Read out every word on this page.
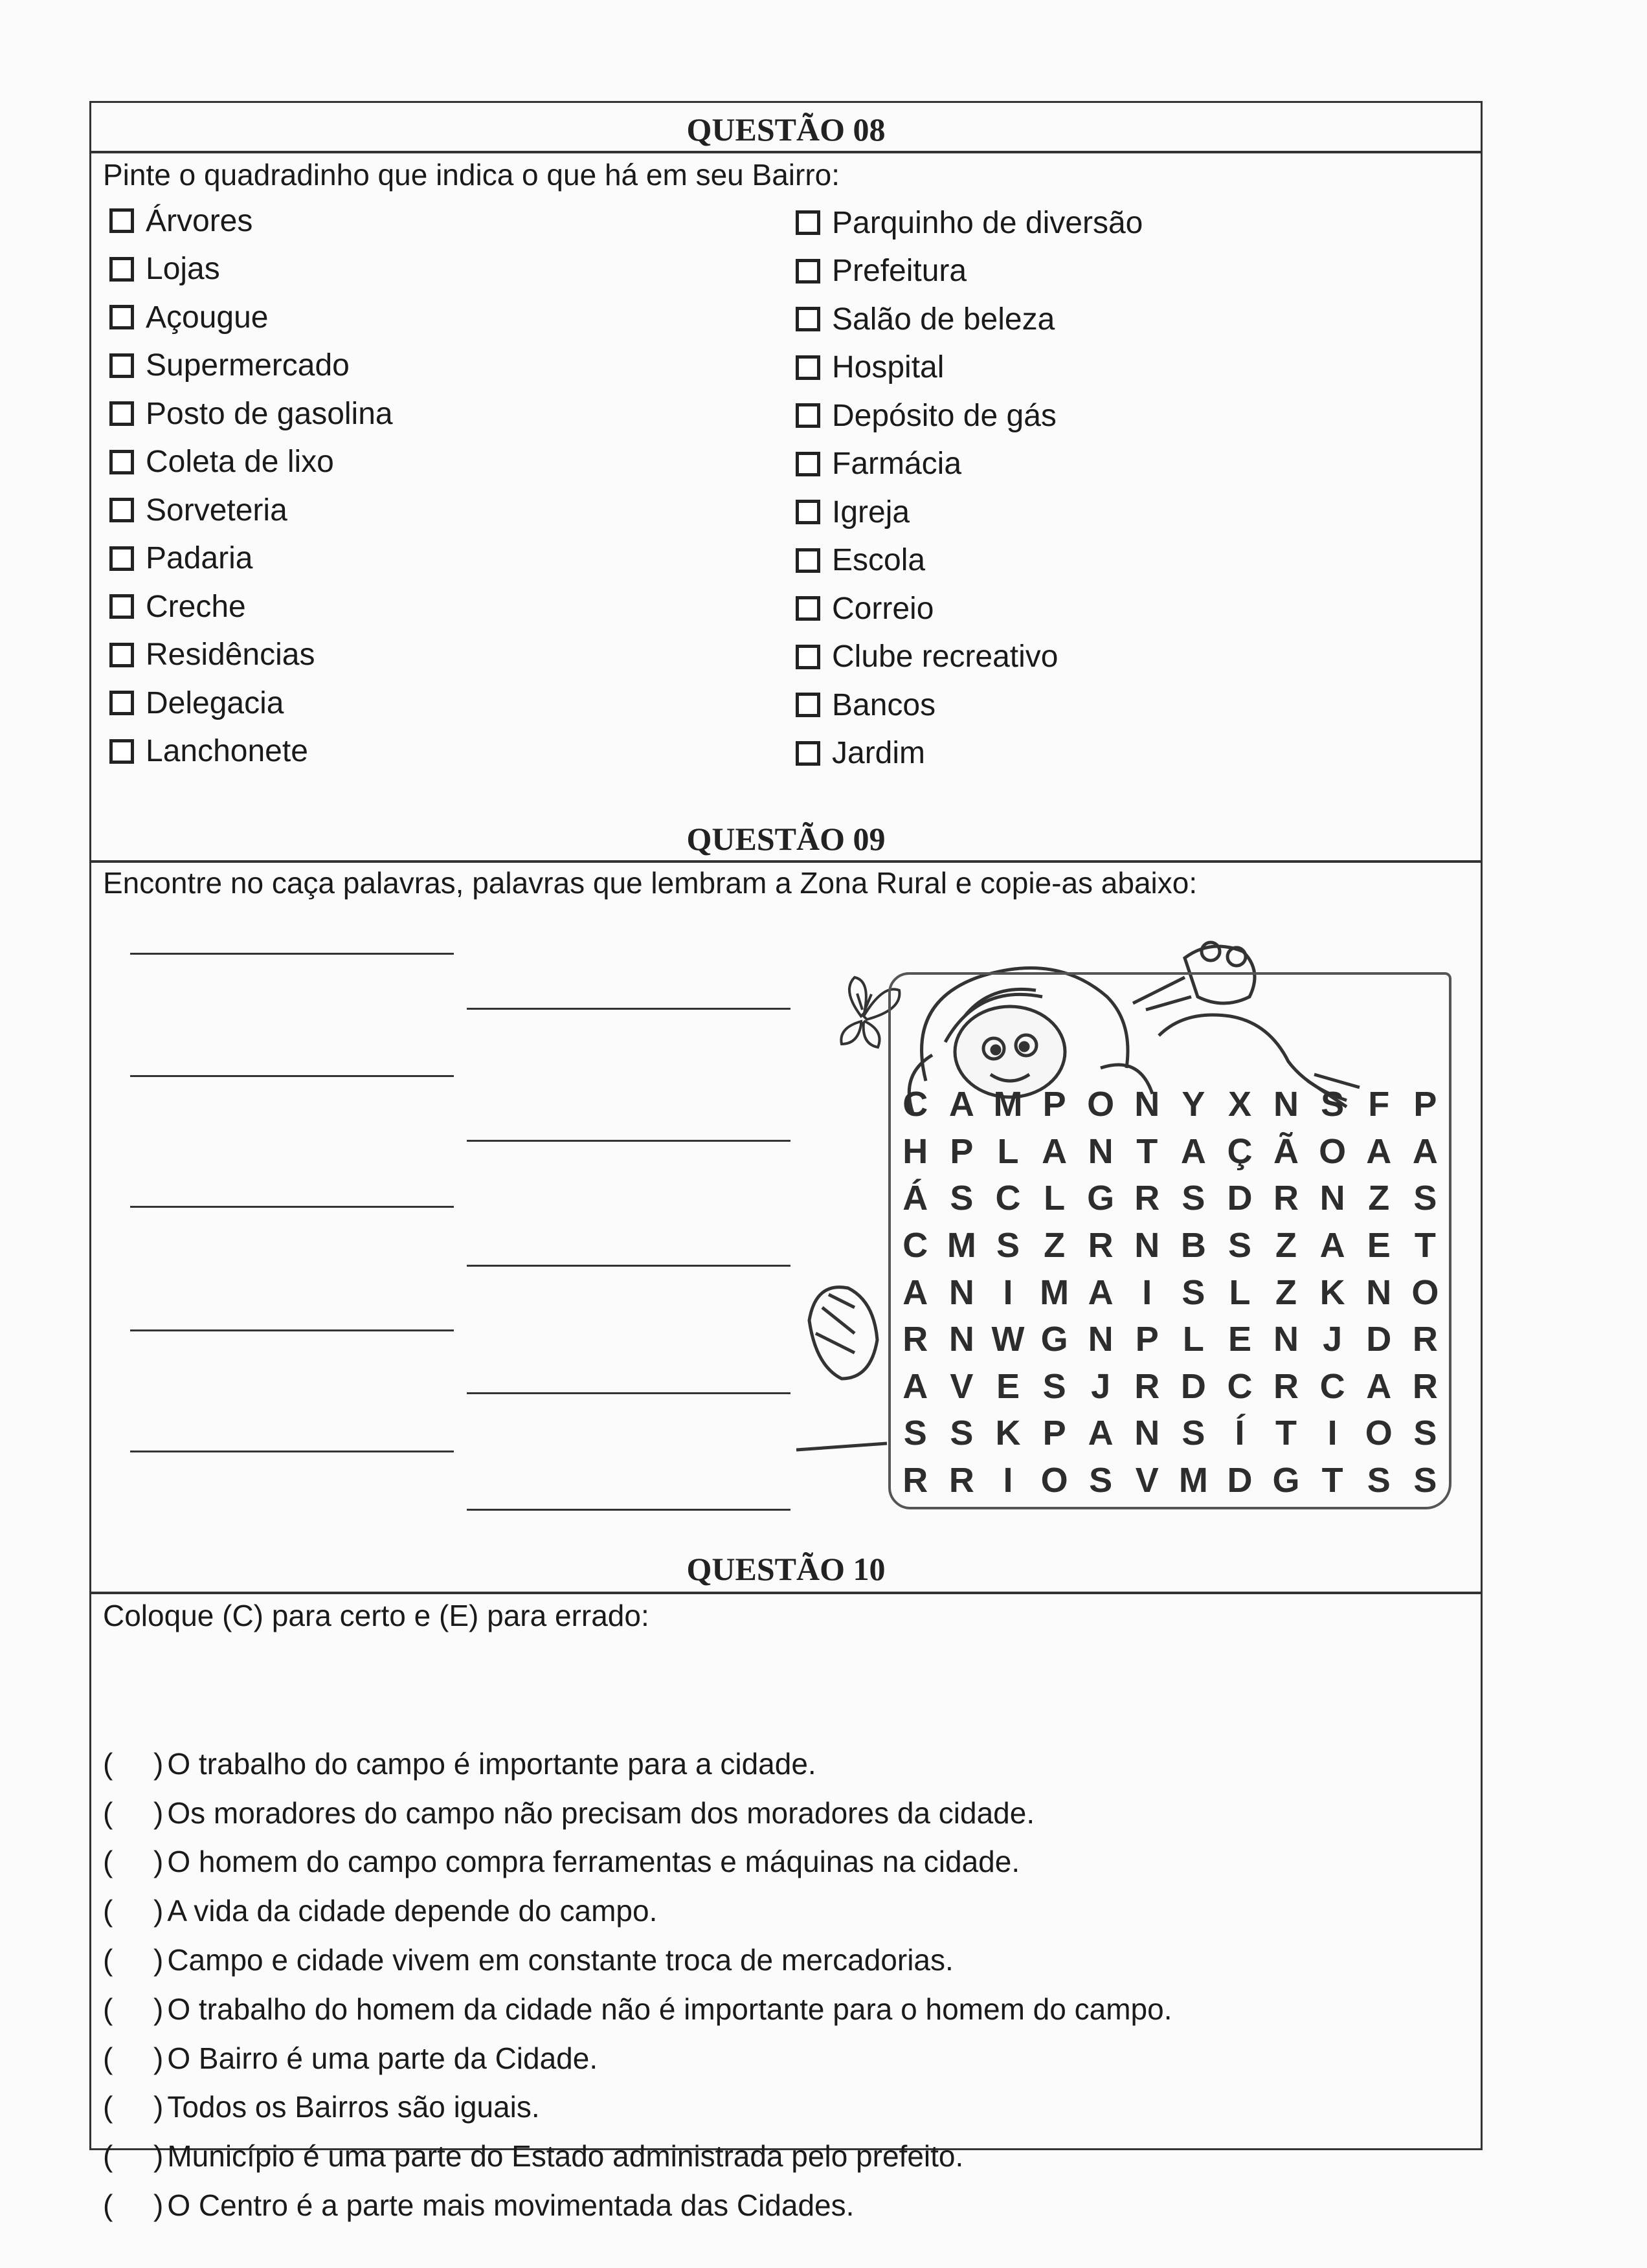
QUESTÃO 08
Pinte o quadradinho que indica o que há em seu Bairro:
Árvores
Lojas
Açougue
Supermercado
Posto de gasolina
Coleta de lixo
Sorveteria
Padaria
Creche
Residências
Delegacia
Lanchonete
Parquinho de diversão
Prefeitura
Salão de beleza
Hospital
Depósito de gás
Farmácia
Igreja
Escola
Correio
Clube recreativo
Bancos
Jardim
QUESTÃO 09
Encontre no caça palavras, palavras que lembram a Zona Rural e copie-as abaixo:
QUESTÃO 10
Coloque (C) para certo e (E) para errado:
(	) O trabalho do campo é importante para a cidade.
(	) Os moradores do campo não precisam dos moradores da cidade.
(	) O homem do campo compra ferramentas e máquinas na cidade.
(	) A vida da cidade depende do campo.
(	) Campo e cidade vivem em constante troca de mercadorias.
(	) O trabalho do homem da cidade não é importante para o homem do campo.
(	) O Bairro é uma parte da Cidade.
(	) Todos os Bairros são iguais.
(	) Município é uma parte do Estado administrada pelo prefeito.
(	) O Centro é a parte mais movimentada das Cidades.
C A M P O N Y X N S F P
H P L A N T A Ç Ã O A A
Á S C L G R S D R N Z S
C M S Z R N B S Z A E T
A N I M A I S L Z K N O
R N W G N P L E N J D R
A V E S J R D C R C A R
S S K P A N S Í T I O S
R R I O S V M D G T S S
